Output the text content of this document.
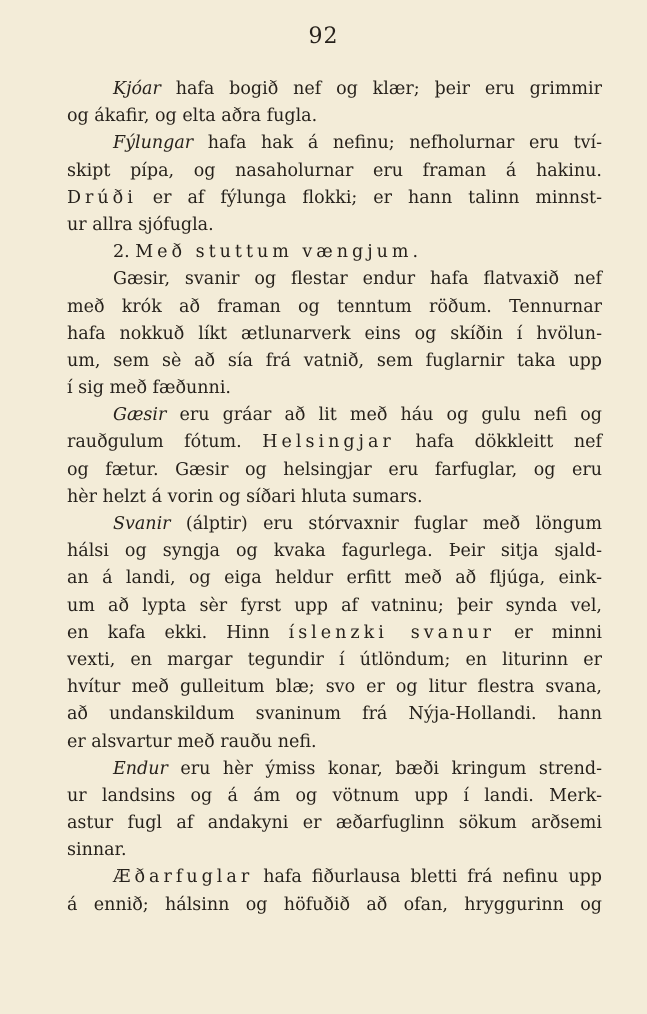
92
Kjóar hafa bogið nef og klær; þeir eru grimmir
og ákafir, og elta aðra fugla.
Fýlungar hafa hak á nefinu; nefholurnar eru tví-
skipt pípa, og nasaholurnar eru framan á hakinu.
Drúði er af fýlunga flokki; er hann talinn minnst-
ur allra sjófugla.
2. Með stuttum vængjum.
Gæsir, svanir og flestar endur hafa flatvaxið nef
með krók að framan og tenntum röðum. Tennurnar
hafa nokkuð líkt ætlunarverk eins og skíðin í hvölun-
um, sem sè að sía frá vatnið, sem fuglarnir taka upp
í sig með fæðunni.
Gæsir eru gráar að lit með háu og gulu nefi og
rauðgulum fótum. Helsingjar hafa dökkleitt nef
og fætur. Gæsir og helsingjar eru farfuglar, og eru
hèr helzt á vorin og síðari hluta sumars.
Svanir (álptir) eru stórvaxnir fuglar með löngum
hálsi og syngja og kvaka fagurlega. Þeir sitja sjald-
an á landi, og eiga heldur erfitt með að fljúga, eink-
um að lypta sèr fyrst upp af vatninu; þeir synda vel,
en kafa ekki. Hinn íslenzki svanur er minni
vexti, en margar tegundir í útlöndum; en liturinn er
hvítur með gulleitum blæ; svo er og litur flestra svana,
að undanskildum svaninum frá Nýja-Hollandi. hann
er alsvartur með rauðu nefi.
Endur eru hèr ýmiss konar, bæði kringum strend-
ur landsins og á ám og vötnum upp í landi. Merk-
astur fugl af andakyni er æðarfuglinn sökum arðsemi
sinnar.
Æðarfuglar hafa fiðurlausa bletti frá nefinu upp
á ennið; hálsinn og höfuðið að ofan, hryggurinn og
